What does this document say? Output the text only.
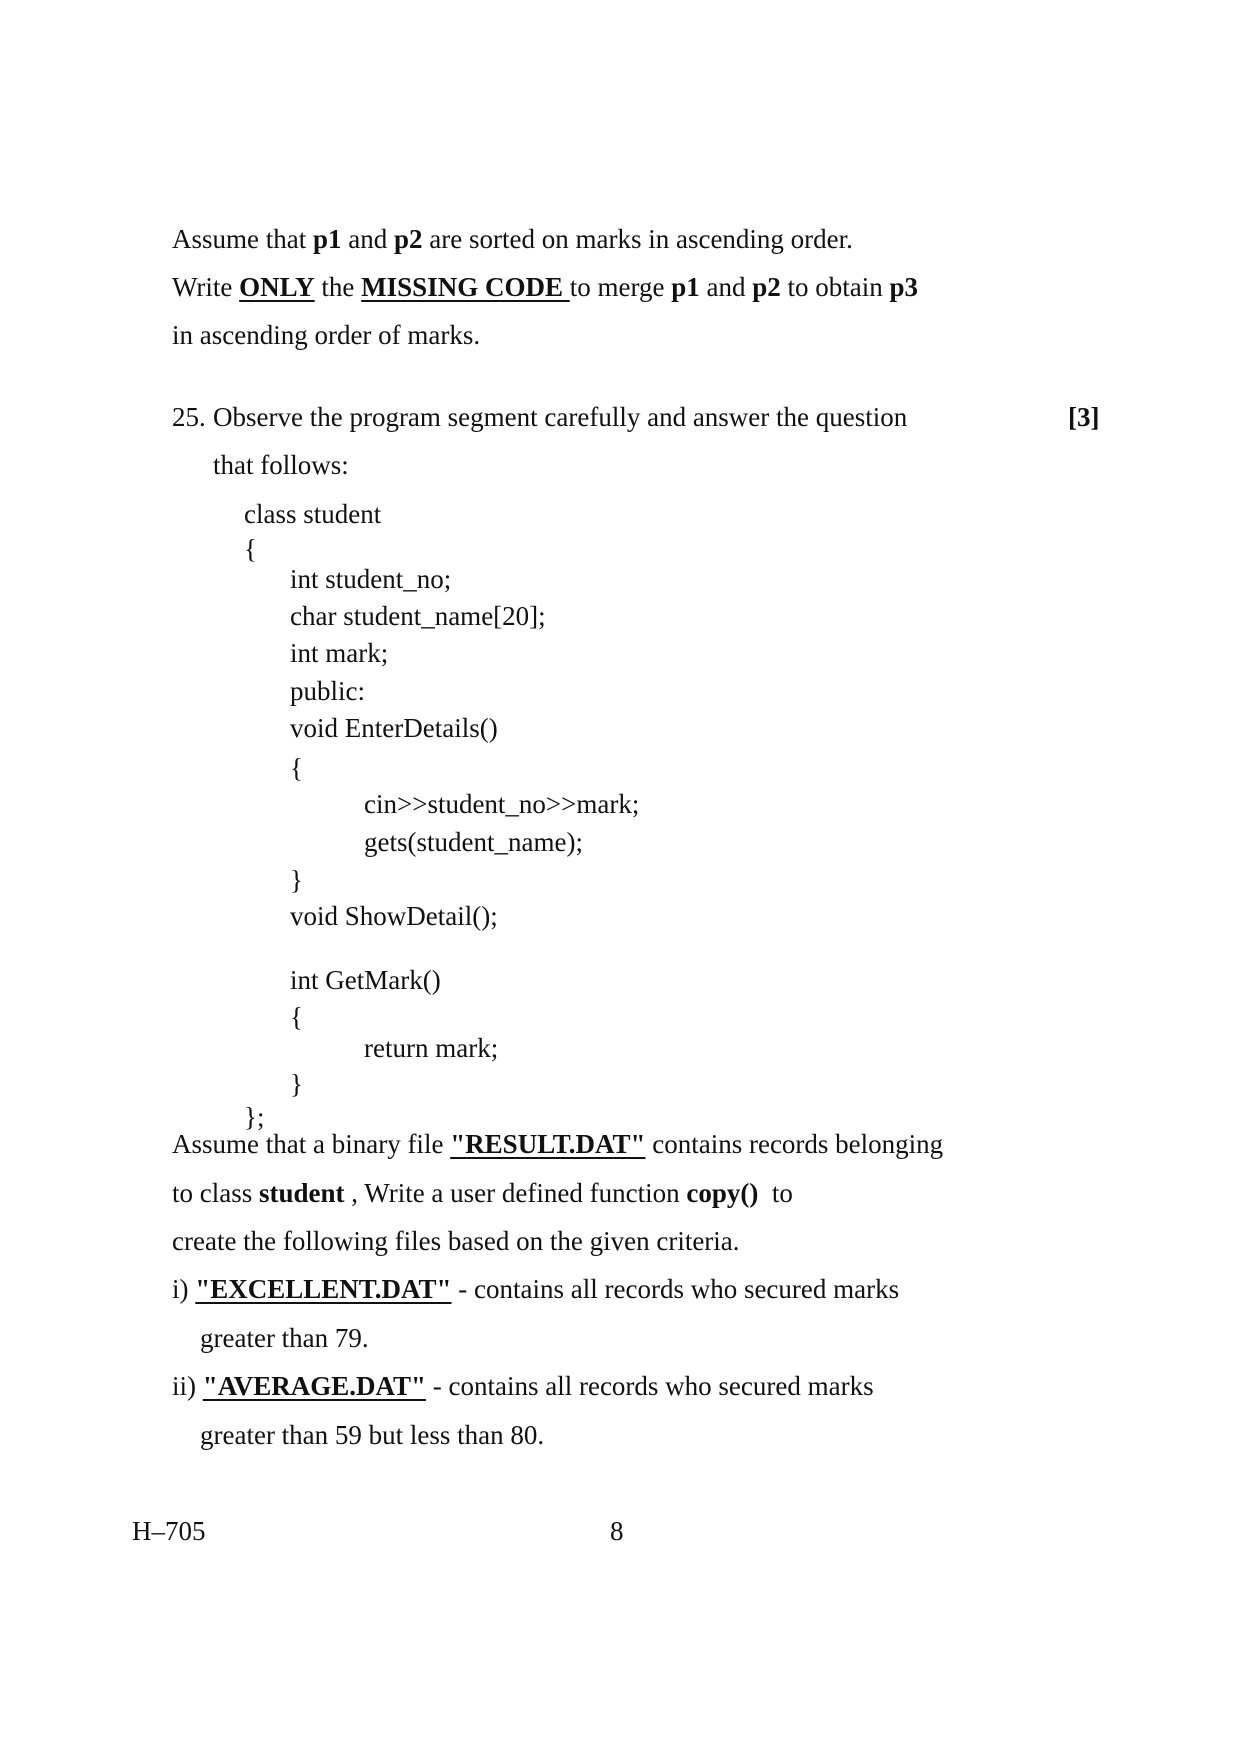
Assume that p1 and p2 are sorted on marks in ascending order.
Write ONLY the MISSING CODE to merge p1 and p2 to obtain p3
in ascending order of marks.
25. Observe the program segment carefully and answer the question	[3]
that follows:
class student
{
int student_no;
char student_name[20];
int mark;
public:
void EnterDetails()
{
cin>>student_no>>mark;
gets(student_name);
}
void ShowDetail();
int GetMark()
{
return mark;
}
};
Assume that a binary file "RESULT.DAT" contains records belonging
to class student , Write a user defined function copy()  to
create the following files based on the given criteria.
i) "EXCELLENT.DAT" - contains all records who secured marks
greater than 79.
ii) "AVERAGE.DAT" - contains all records who secured marks
greater than 59 but less than 80.
H–705	8
